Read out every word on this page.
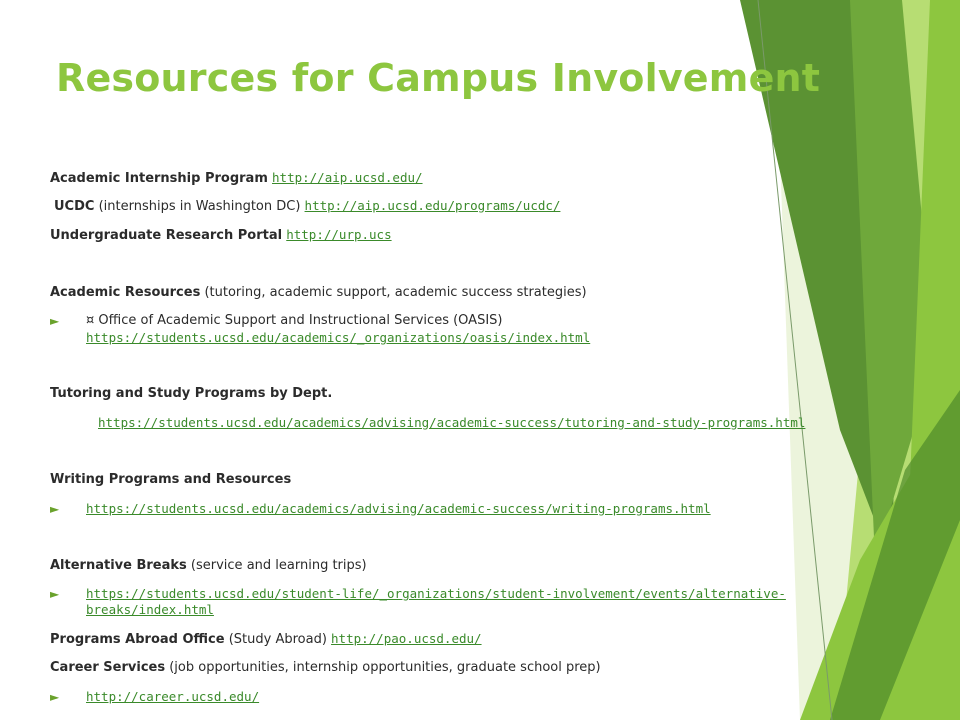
Resources for Campus Involvement
Academic Internship Program http://aip.ucsd.edu/
UCDC (internships in Washington DC) http://aip.ucsd.edu/programs/ucdc/
Undergraduate Research Portal http://urp.ucs
Academic Resources (tutoring, academic support, academic success strategies)
► ¤ Office of Academic Support and Instructional Services (OASIS)
https://students.ucsd.edu/academics/_organizations/oasis/index.html
Tutoring and Study Programs by Dept.
https://students.ucsd.edu/academics/advising/academic-success/tutoring-and-study-programs.html
Writing Programs and Resources
► https://students.ucsd.edu/academics/advising/academic-success/writing-programs.html
Alternative Breaks (service and learning trips)
► https://students.ucsd.edu/student-life/_organizations/student-involvement/events/alternative-
breaks/index.html
Programs Abroad Office (Study Abroad) http://pao.ucsd.edu/
Career Services (job opportunities, internship opportunities, graduate school prep)
► http://career.ucsd.edu/
